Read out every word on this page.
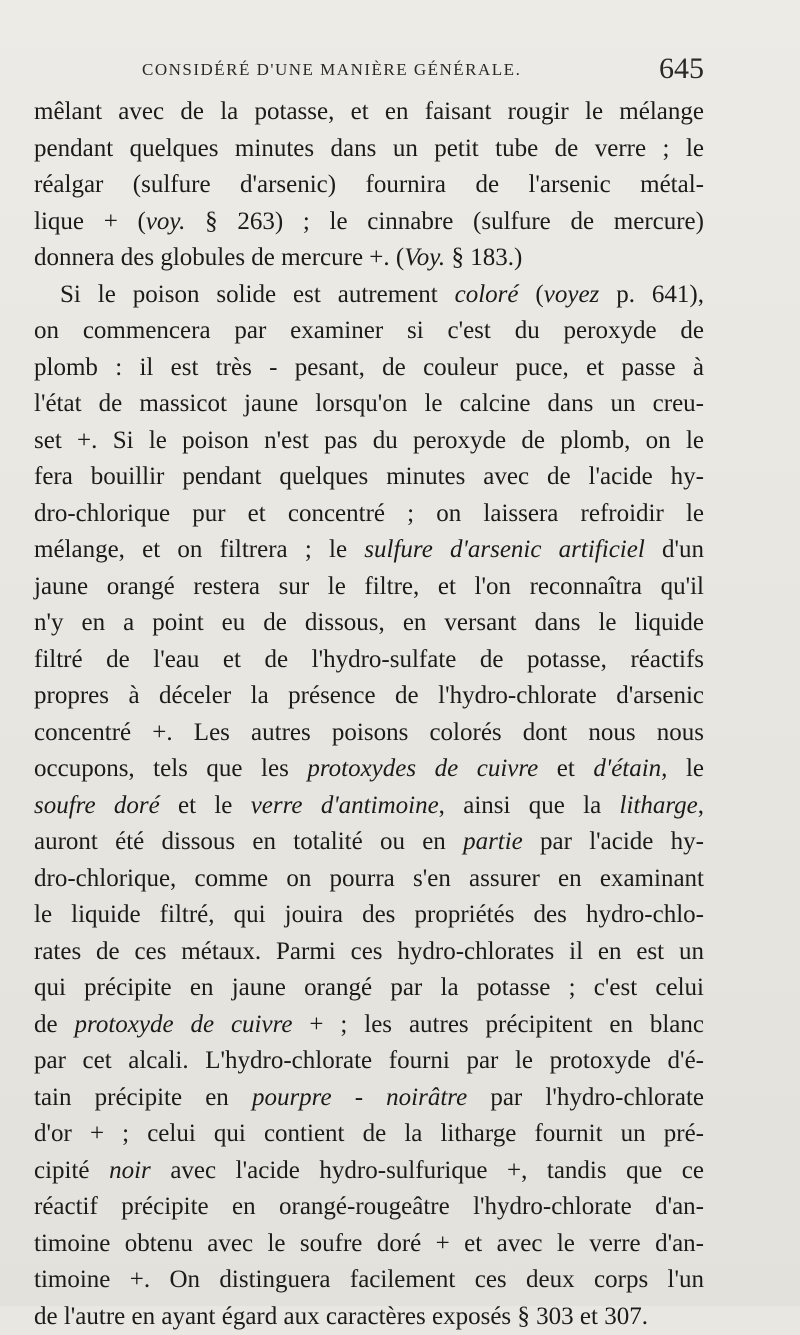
CONSIDÉRÉ D'UNE MANIÈRE GÉNÉRALE.	645
mêlant avec de la potasse, et en faisant rougir le mélange
pendant quelques minutes dans un petit tube de verre ; le
réalgar (sulfure d'arsenic) fournira de l'arsenic métal-
lique + (voy. § 263) ; le cinnabre (sulfure de mercure)
donnera des globules de mercure +. (Voy. § 183.)
Si le poison solide est autrement coloré (voyez p. 641),
on commencera par examiner si c'est du peroxyde de
plomb : il est très - pesant, de couleur puce, et passe à
l'état de massicot jaune lorsqu'on le calcine dans un creu-
set +. Si le poison n'est pas du peroxyde de plomb, on le
fera bouillir pendant quelques minutes avec de l'acide hy-
dro-chlorique pur et concentré ; on laissera refroidir le
mélange, et on filtrera ; le sulfure d'arsenic artificiel d'un
jaune orangé restera sur le filtre, et l'on reconnaîtra qu'il
n'y en a point eu de dissous, en versant dans le liquide
filtré de l'eau et de l'hydro-sulfate de potasse, réactifs
propres à déceler la présence de l'hydro-chlorate d'arsenic
concentré +. Les autres poisons colorés dont nous nous
occupons, tels que les protoxydes de cuivre et d'étain, le
soufre doré et le verre d'antimoine, ainsi que la litharge,
auront été dissous en totalité ou en partie par l'acide hy-
dro-chlorique, comme on pourra s'en assurer en examinant
le liquide filtré, qui jouira des propriétés des hydro-chlo-
rates de ces métaux. Parmi ces hydro-chlorates il en est un
qui précipite en jaune orangé par la potasse ; c'est celui
de protoxyde de cuivre + ; les autres précipitent en blanc
par cet alcali. L'hydro-chlorate fourni par le protoxyde d'é-
tain précipite en pourpre - noirâtre par l'hydro-chlorate
d'or + ; celui qui contient de la litharge fournit un pré-
cipité noir avec l'acide hydro-sulfurique +, tandis que ce
réactif précipite en orangé-rougeâtre l'hydro-chlorate d'an-
timoine obtenu avec le soufre doré + et avec le verre d'an-
timoine +. On distinguera facilement ces deux corps l'un
de l'autre en ayant égard aux caractères exposés § 303 et 307.
